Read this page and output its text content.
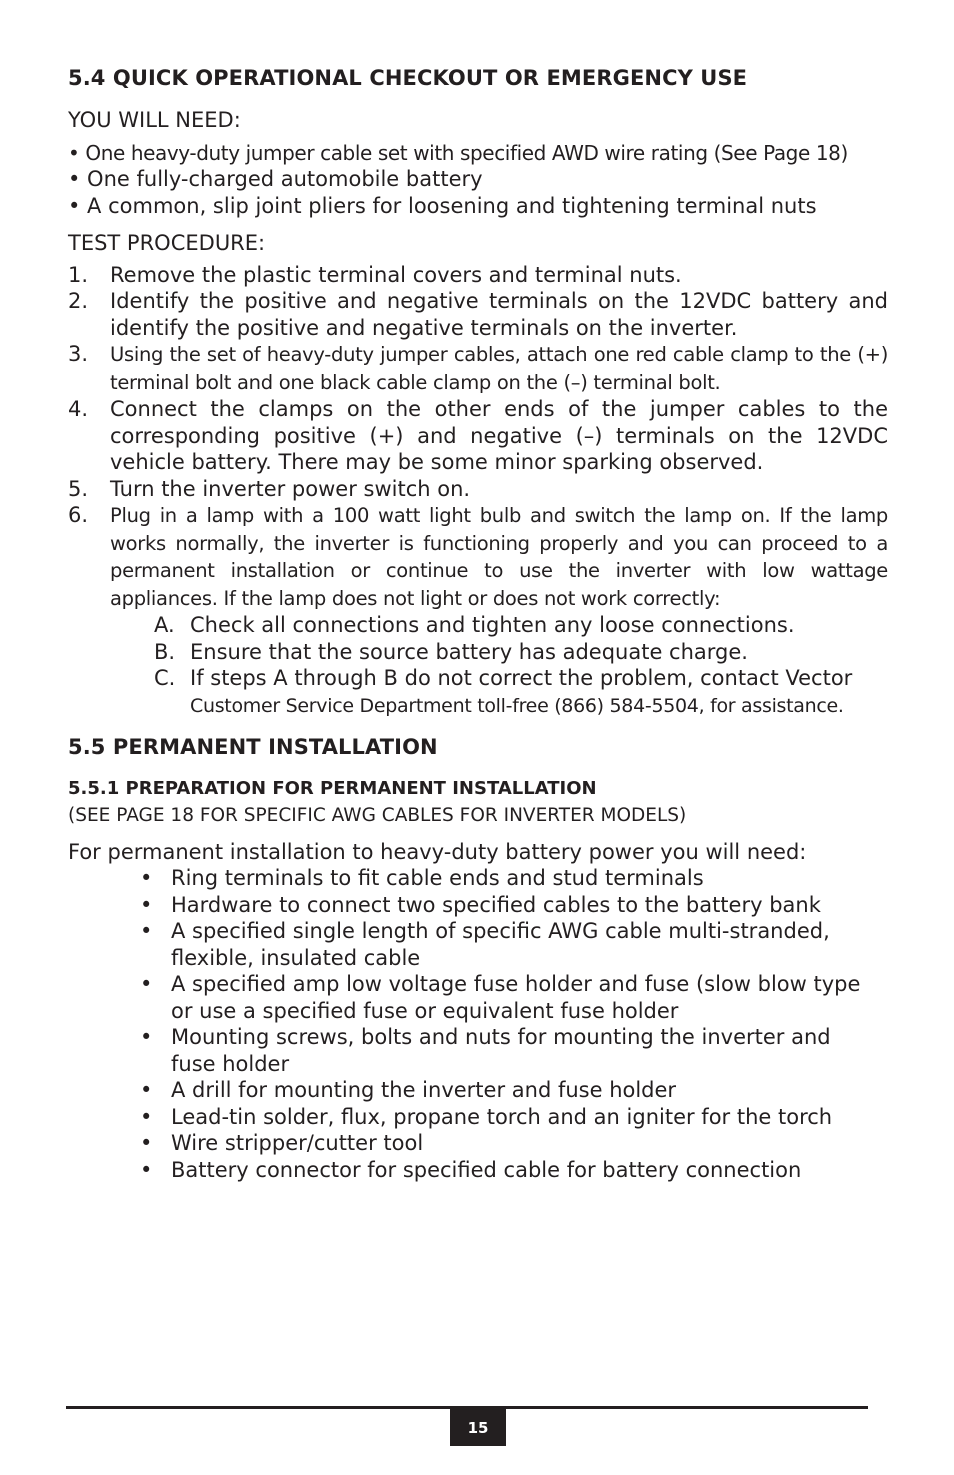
5.4 QUICK OPERATIONAL CHECKOUT OR EMERGENCY USE

YOU WILL NEED:

• One heavy-duty jumper cable set with specified AWD wire rating (See Page 18)
• One fully-charged automobile battery
• A common, slip joint pliers for loosening and tightening terminal nuts

TEST PROCEDURE:

1. Remove the plastic terminal covers and terminal nuts.
2. Identify the positive and negative terminals on the 12VDC battery and identify the positive and negative terminals on the inverter.
3. Using the set of heavy-duty jumper cables, attach one red cable clamp to the (+) terminal bolt and one black cable clamp on the (–) terminal bolt.
4. Connect the clamps on the other ends of the jumper cables to the corresponding positive (+) and negative (–) terminals on the 12VDC vehicle battery. There may be some minor sparking observed.
5. Turn the inverter power switch on.
6. Plug in a lamp with a 100 watt light bulb and switch the lamp on. If the lamp works normally, the inverter is functioning properly and you can proceed to a permanent installation or continue to use the inverter with low wattage appliances. If the lamp does not light or does not work correctly:
A. Check all connections and tighten any loose connections.
B. Ensure that the source battery has adequate charge.
C. If steps A through B do not correct the problem, contact Vector
Customer Service Department toll-free (866) 584-5504, for assistance.
5.5 PERMANENT INSTALLATION
5.5.1 PREPARATION FOR PERMANENT INSTALLATION

(SEE PAGE 18 FOR SPECIFIC AWG CABLES FOR INVERTER MODELS)

For permanent installation to heavy-duty battery power you will need:

• Ring terminals to fit cable ends and stud terminals
• Hardware to connect two specified cables to the battery bank
• A specified single length of specific AWG cable multi-stranded, flexible, insulated cable
• A specified amp low voltage fuse holder and fuse (slow blow type or use a specified fuse or equivalent fuse holder
• Mounting screws, bolts and nuts for mounting the inverter and fuse holder
• A drill for mounting the inverter and fuse holder
• Lead-tin solder, flux, propane torch and an igniter for the torch
• Wire stripper/cutter tool
• Battery connector for specified cable for battery connection
15
